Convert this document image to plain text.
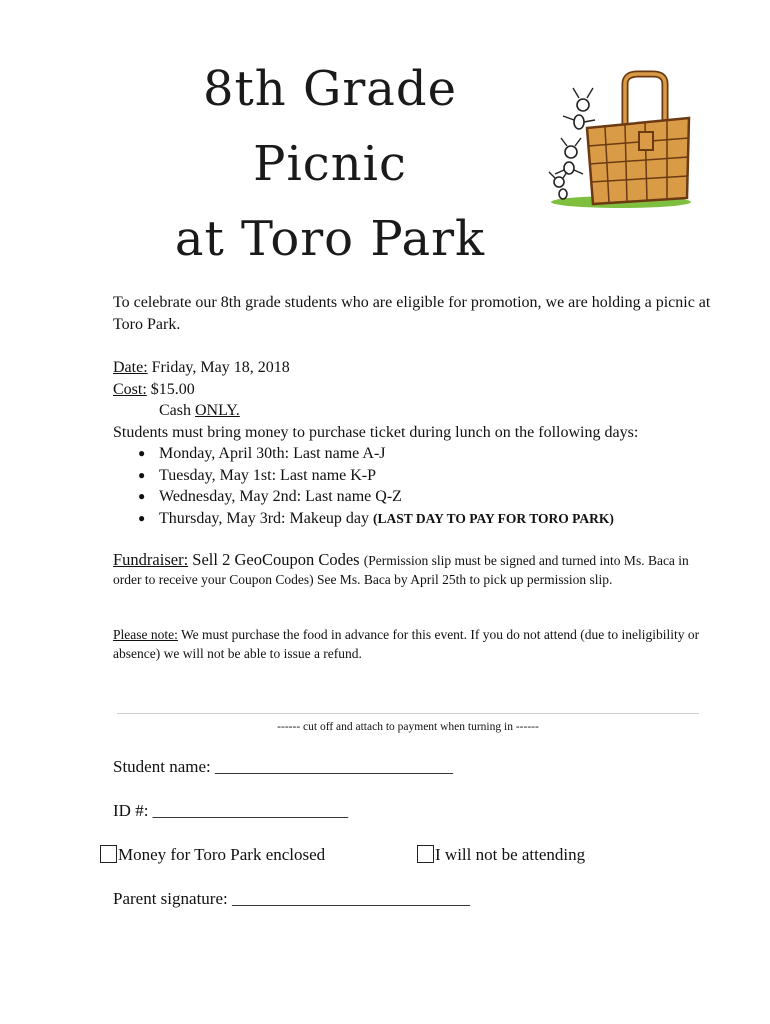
8th Grade
Picnic
at Toro Park
To celebrate our 8th grade students who are eligible for promotion, we are holding a picnic at Toro Park.
Date: Friday, May 18, 2018
Cost: $15.00
Cash ONLY.
Students must bring money to purchase ticket during lunch on the following days:
● Monday, April 30th: Last name A-J
● Tuesday, May 1st: Last name K-P
● Wednesday, May 2nd: Last name Q-Z
● Thursday, May 3rd: Makeup day (LAST DAY TO PAY FOR TORO PARK)
Fundraiser: Sell 2 GeoCoupon Codes (Permission slip must be signed and turned into Ms. Baca in order to receive your Coupon Codes) See Ms. Baca by April 25th to pick up permission slip.
Please note: We must purchase the food in advance for this event. If you do not attend (due to ineligibility or absence) we will not be able to issue a refund.
------ cut off and attach to payment when turning in ------
Student name: ____________________________
ID #: _______________________
Money for Toro Park enclosed	I will not be attending
Parent signature: ____________________________
